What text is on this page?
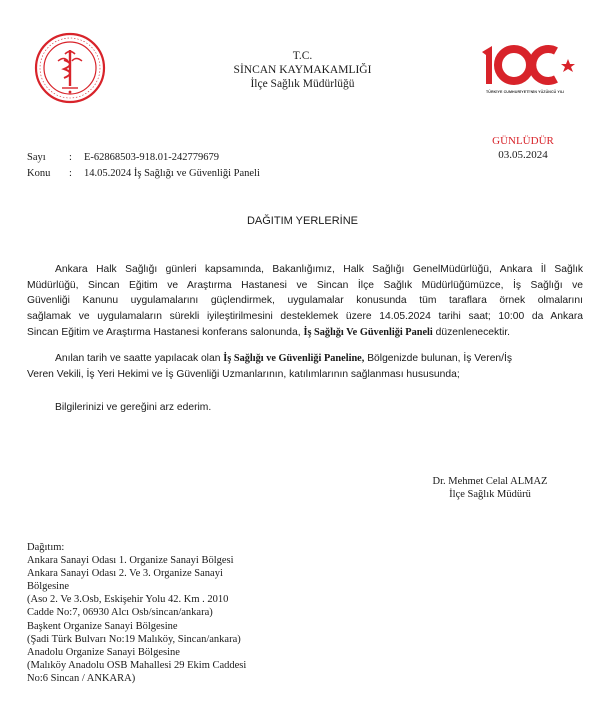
TÜRKİYE CUMHURİYETİ'NİN YÜZÜNCÜ YILI
T.C.
SİNCAN KAYMAKAMLIĞI
İlçe Sağlık Müdürlüğü
GÜNLÜDÜR
03.05.2024
Sayı : E-62868503-918.01-242779679
Konu : 14.05.2024 İş Sağlığı ve Güvenliği Paneli
DAĞITIM YERLERİNE
Ankara Halk Sağlığı günleri kapsamında, Bakanlığımız, Halk Sağlığı GenelMüdürlüğü, Ankara İl Sağlık
Müdürlüğü, Sincan Eğitim ve Araştırma Hastanesi ve Sincan İlçe Sağlık Müdürlüğümüzce, İş Sağlığı ve
Güvenliği Kanunu uygulamalarını güçlendirmek, uygulamalar konusunda tüm taraflara örnek olmalarını
sağlamak ve uygulamaların sürekli iyileştirilmesini desteklemek üzere 14.05.2024 tarihi saat; 10:00 da Ankara
Sincan Eğitim ve Araştırma Hastanesi konferans salonunda, İş Sağlığı Ve Güvenliği Paneli düzenlenecektir.
Anılan tarih ve saatte yapılacak olan İş Sağlığı ve Güvenliği Paneline, Bölgenizde bulunan, İş Veren/İş
Veren Vekili, İş Yeri Hekimi ve İş Güvenliği Uzmanlarının, katılımlarının sağlanması hususunda;
Bilgilerinizi ve gereğini arz ederim.
Dr. Mehmet Celal ALMAZ
İlçe Sağlık Müdürü
Dağıtım:
Ankara Sanayi Odası 1. Organize Sanayi Bölgesi
Ankara Sanayi Odası 2. Ve 3. Organize Sanayi
Bölgesine
(Aso 2. Ve 3.Osb, Eskişehir Yolu 42. Km . 2010
Cadde No:7, 06930 Alcı Osb/sincan/ankara)
Başkent Organize Sanayi Bölgesine
(Şadi Türk Bulvarı No:19 Malıköy, Sincan/ankara)
Anadolu Organize Sanayi Bölgesine
(Malıköy Anadolu OSB Mahallesi 29 Ekim Caddesi
No:6 Sincan / ANKARA)
